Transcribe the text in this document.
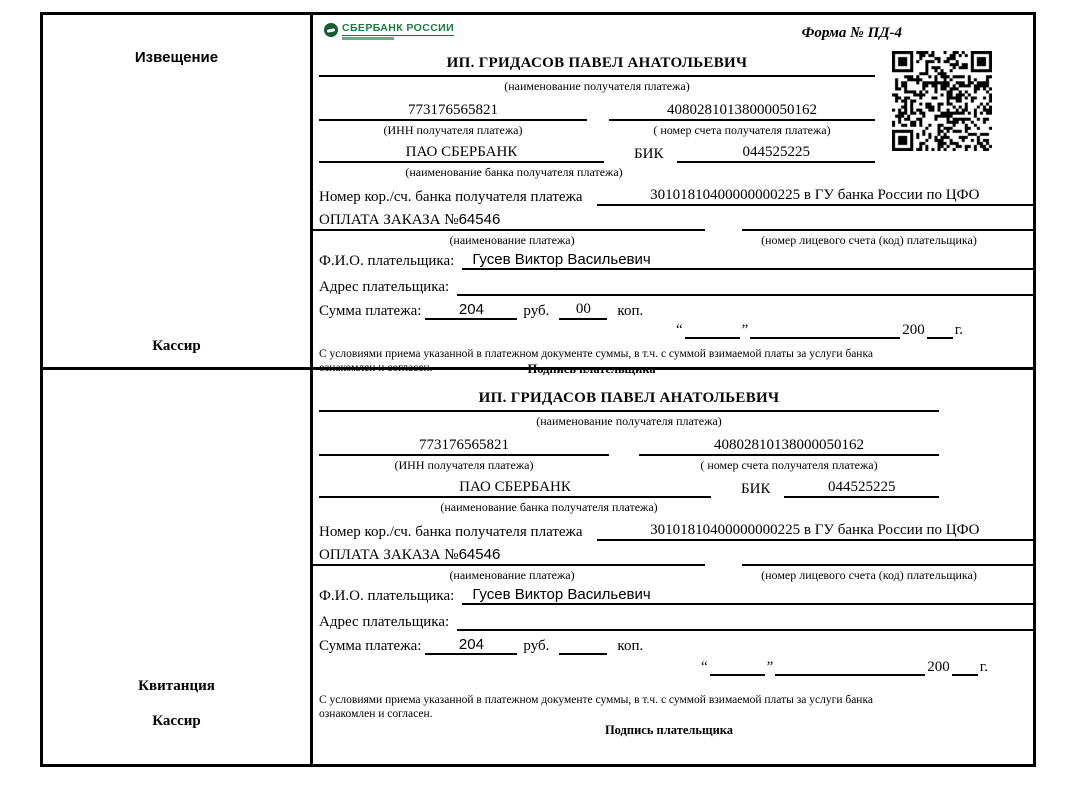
Извещение
Кассир
СБЕРБАНК РОССИИ	Форма № ПД-4
ИП. ГРИДАСОВ ПАВЕЛ АНАТОЛЬЕВИЧ
(наименование получателя платежа)
773176565821	40802810138000050162
(ИНН получателя платежа)	( номер счета получателя платежа)
ПАО СБЕРБАНК	БИК	044525225
(наименование банка получателя платежа)
Номер кор./сч. банка получателя платежа	30101810400000000225 в ГУ банка России по ЦФО
ОПЛАТА ЗАКАЗА №64546
(наименование платежа)	(номер лицевого счета (код) плательщика)
Ф.И.О. плательщика:	Гусев Виктор Васильевич
Адрес плательщика:
Сумма платежа:	204	руб.	00	коп.
“	”	200 г.
С условиями приема указанной в платежном документе суммы, в т.ч. с суммой взимаемой платы за услуги банка
ознакомлен и согласен.	Подпись плательщика
Квитанция
Кассир
ИП. ГРИДАСОВ ПАВЕЛ АНАТОЛЬЕВИЧ
(наименование получателя платежа)
773176565821	40802810138000050162
(ИНН получателя платежа)	( номер счета получателя платежа)
ПАО СБЕРБАНК	БИК	044525225
(наименование банка получателя платежа)
Номер кор./сч. банка получателя платежа	30101810400000000225 в ГУ банка России по ЦФО
ОПЛАТА ЗАКАЗА №64546
(наименование платежа)	(номер лицевого счета (код) плательщика)
Ф.И.О. плательщика:	Гусев Виктор Васильевич
Адрес плательщика:
Сумма платежа:	204	руб.	коп.
“	”	200 г.
С условиями приема указанной в платежном документе суммы, в т.ч. с суммой взимаемой платы за услуги банка
ознакомлен и согласен.
Подпись плательщика
